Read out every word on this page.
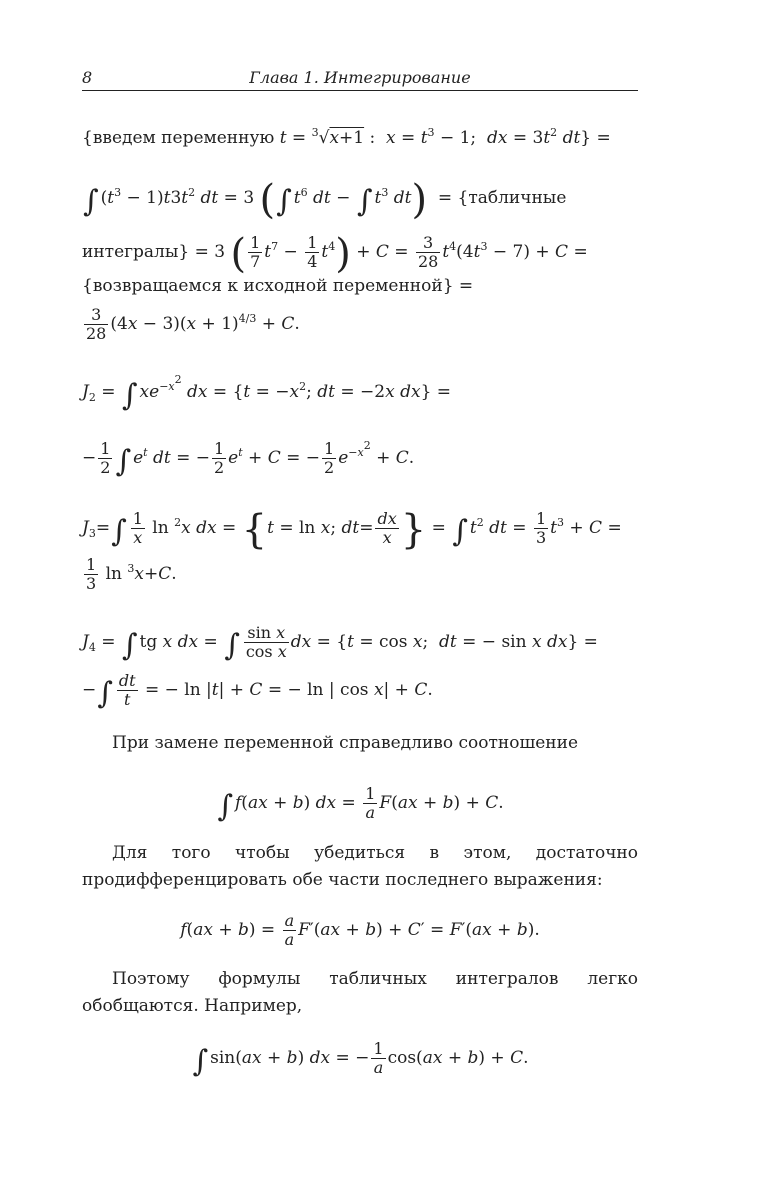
8	Глава 1. Интегрирование
{введем переменную t = $^3$√x+1 :  $x = t^3 - 1$;  dx = $3t^2$ dt} =
∫ $(t^3 - 1)t3t^2$ dt = 3 (∫ $t^6$ dt − ∫ $t^3$ dt)  = {табличные
интегралы} = 3 ( $\frac{1}{7} t^7 - \frac{1}{4} t^4) + C = \frac{3}{28} t^4(4t^3 - 7) + C$ =
{возвращаемся к исходной переменной} =
$\frac{3}{28} (4x - 3)(x + 1)^{4/3} + C$.
$J_2$ = ∫ $xe^{-x^2}$ dx = {$t = -x^2$; dt = −2x dx} =
− $\frac{1}{2}$ ∫ $e^t$ dt = − $\frac{1}{2} e^t + C$ = − $\frac{1}{2} e^{-x^2} + C$.
$J_3=\int \frac{1}{x}$ ln $^2$x dx = {t = ln x; $dt= \frac{dx}{x}$ } = ∫ $t^2$ dt = $\frac{1}{3} t^3 + C$ =
$\frac{1}{3}$ ln $^3$x+C.
$J_4$ = ∫ tg x dx = ∫ $\frac{\text{sin x}}{\text{cos x}}$ dx = {t = cos x;  dt = − sin x dx} =
−∫ $\frac{dt}{t}$ = − ln |t| + C = − ln | cos x| + C.
При замене переменной справедливо соотношение
∫ f(ax + b) dx = $\frac{1}{a} F(ax + b) + C$.
Для того чтобы убедиться в этом, достаточно продифференцировать обе части последнего выражения:
$f(ax + b) = \frac{a}{a} F'(ax + b) + C' = F'(ax + b)$.
Поэтому формулы табличных интегралов легко обобщаются. Например,
∫ sin(ax + b) dx = − $\frac{1}{a} \cos(ax + b) + C$.
